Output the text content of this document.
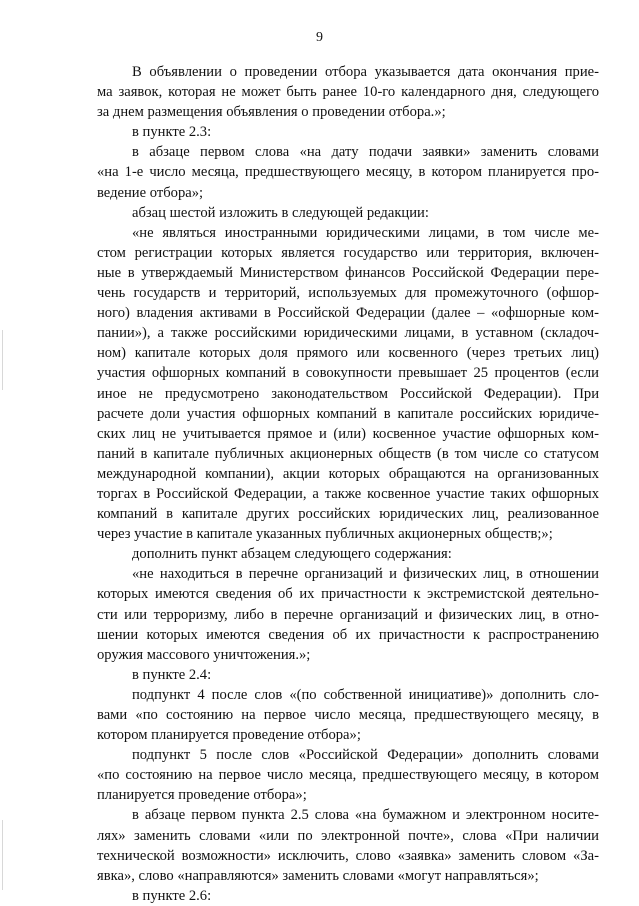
9
В объявлении о проведении отбора указывается дата окончания прие-
ма заявок, которая не может быть ранее 10-го календарного дня, следующего
за днем размещения объявления о проведении отбора.»;
в пункте 2.3:
в абзаце первом слова «на дату подачи заявки» заменить словами
«на 1-е число месяца, предшествующего месяцу, в котором планируется про-
ведение отбора»;
абзац шестой изложить в следующей редакции:
«не являться иностранными юридическими лицами, в том числе ме-
стом регистрации которых является государство или территория, включен-
ные в утверждаемый Министерством финансов Российской Федерации пере-
чень государств и территорий, используемых для промежуточного (офшор-
ного) владения активами в Российской Федерации (далее – «офшорные ком-
пании»), а также российскими юридическими лицами, в уставном (складоч-
ном) капитале которых доля прямого или косвенного (через третьих лиц)
участия офшорных компаний в совокупности превышает 25 процентов (если
иное не предусмотрено законодательством Российской Федерации). При
расчете доли участия офшорных компаний в капитале российских юридиче-
ских лиц не учитывается прямое и (или) косвенное участие офшорных ком-
паний в капитале публичных акционерных обществ (в том числе со статусом
международной компании), акции которых обращаются на организованных
торгах в Российской Федерации, а также косвенное участие таких офшорных
компаний в капитале других российских юридических лиц, реализованное
через участие в капитале указанных публичных акционерных обществ;»;
дополнить пункт абзацем следующего содержания:
«не находиться в перечне организаций и физических лиц, в отношении
которых имеются сведения об их причастности к экстремистской деятельно-
сти или терроризму, либо в перечне организаций и физических лиц, в отно-
шении которых имеются сведения об их причастности к распространению
оружия массового уничтожения.»;
в пункте 2.4:
подпункт 4 после слов «(по собственной инициативе)» дополнить сло-
вами «по состоянию на первое число месяца, предшествующего месяцу, в
котором планируется проведение отбора»;
подпункт 5 после слов «Российской Федерации» дополнить словами
«по состоянию на первое число месяца, предшествующего месяцу, в котором
планируется проведение отбора»;
в абзаце первом пункта 2.5 слова «на бумажном и электронном носите-
лях» заменить словами «или по электронной почте», слова «При наличии
технической возможности» исключить, слово «заявка» заменить словом «За-
явка», слово «направляются» заменить словами «могут направляться»;
в пункте 2.6:
